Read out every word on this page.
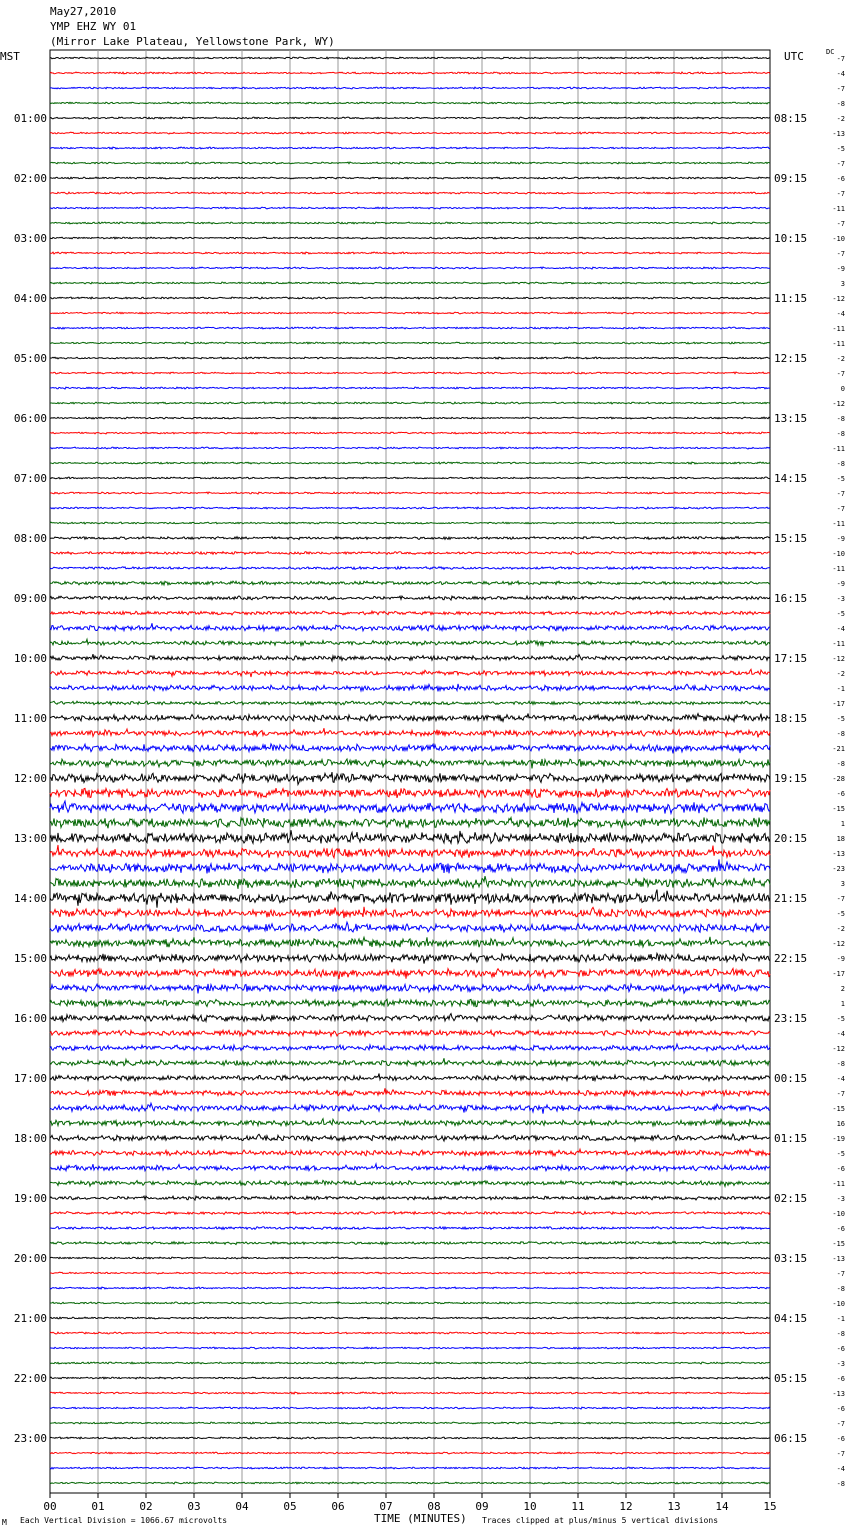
May27,2010
YMP EHZ WY 01
(Mirror Lake Plateau, Yellowstone Park, WY)
MST	UTC	DC
-7
-4
-7
-8
-2
-13
-5
-7
-6
-7
-11
-7
-10
-7
-9
3
-12
-4
-11
-11
-2
-7
0
-12
-8
-8
-11
-8
-5
-7
-7
-11
-9
-10
-11
-9
-3
-5
-4
-11
-12
-2
-1
-17
-5
-8
-21
-8
-28
-6
-15
1
18
-13
-23
3
-7
-5
-2
-12
-9
-17
2
1
-5
-4
-12
-8
-4
-7
-15
16
-19
-5
-6
-11
-3
-10
-6
-15
-13
-7
-8
-10
-1
-8
-6
-3
-6
-13
-6
-7
-6
-7
-4
-8
01:00
02:00
03:00
04:00
05:00
06:00
07:00
08:00
09:00
10:00
11:00
12:00
13:00
14:00
15:00
16:00
17:00
18:00
19:00
20:00
21:00
22:00
23:00
08:15
09:15
10:15
11:15
12:15
13:15
14:15
15:15
16:15
17:15
18:15
19:15
20:15
21:15
22:15
23:15
00:15
01:15
02:15
03:15
04:15
05:15
06:15
00	01	02	03	04	05	06	07	08	09	10	11	12	13	14	15
M Each Vertical Division = 1066.67 microvolts	TIME (MINUTES) Traces clipped at plus/minus 5 vertical divisions
